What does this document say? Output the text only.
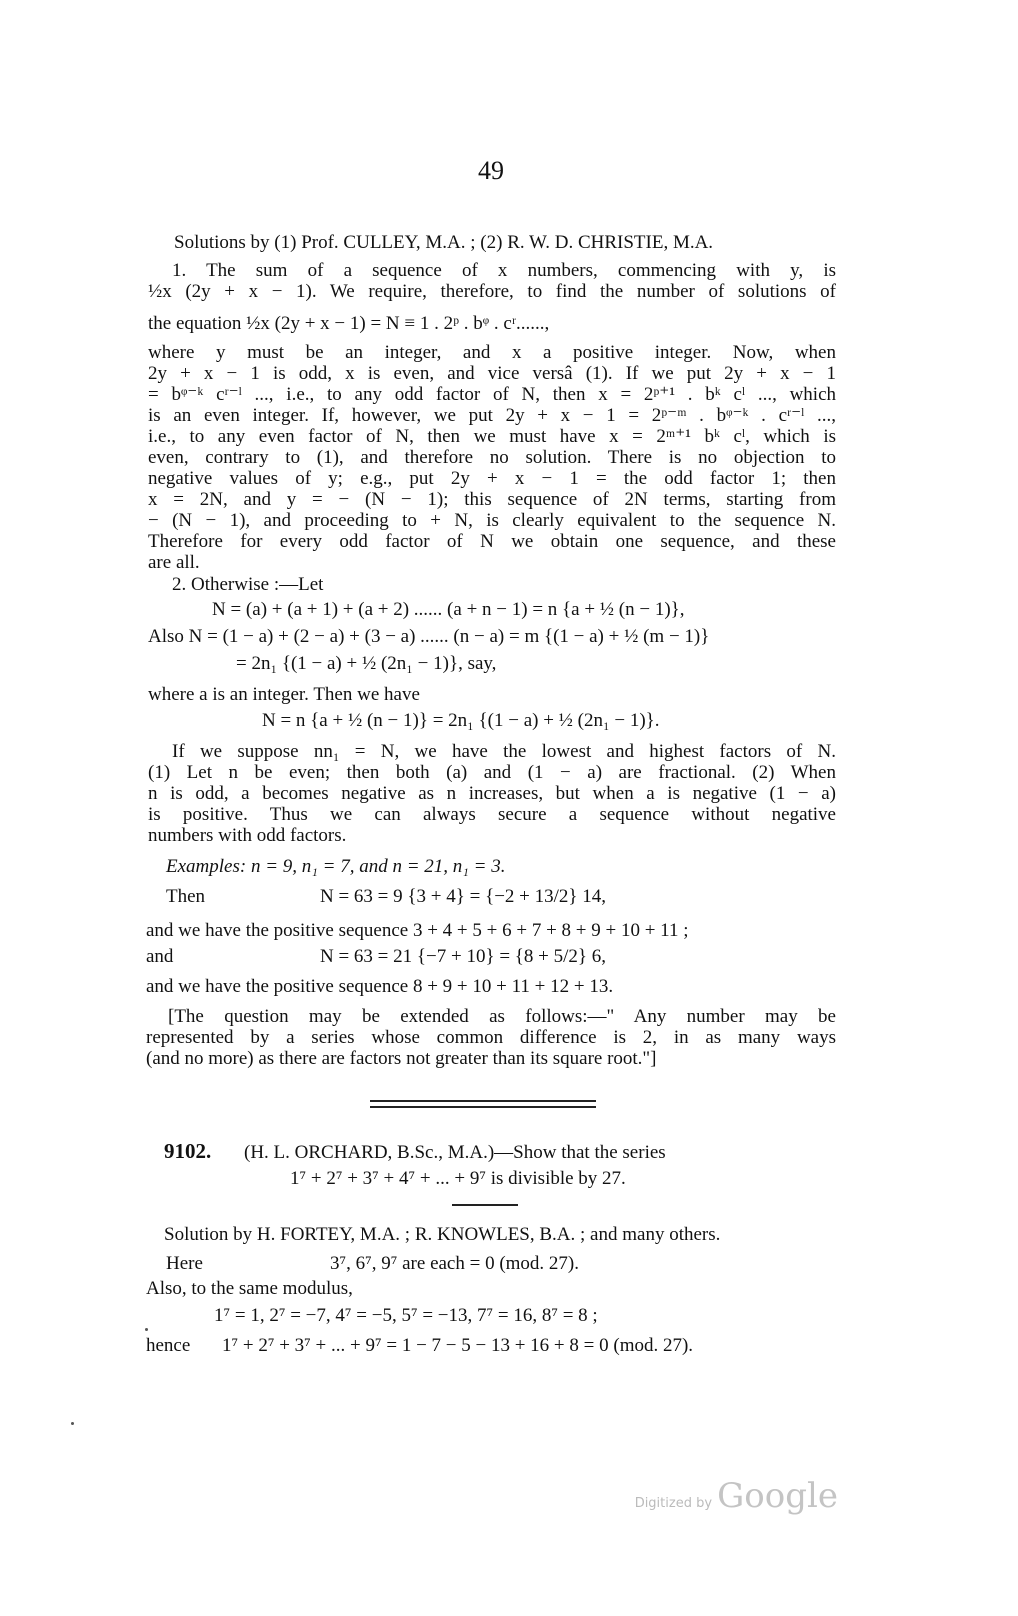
49
Solutions by (1) Prof. CULLEY, M.A. ; (2) R. W. D. CHRISTIE, M.A.
1. The sum of a sequence of x numbers, commencing with y, is
½x (2y + x − 1). We require, therefore, to find the number of solutions of
the equation ½x (2y + x − 1) = N ≡ 1 . 2ᵖ . bᵠ . cʳ......,
where y must be an integer, and x a positive integer. Now, when
2y + x − 1 is odd, x is even, and vice versâ (1). If we put 2y + x − 1
= bᵠ⁻ᵏ cʳ⁻ˡ ..., i.e., to any odd factor of N, then x = 2ᵖ⁺¹ . bᵏ cˡ ..., which
is an even integer. If, however, we put 2y + x − 1 = 2ᵖ⁻ᵐ . bᵠ⁻ᵏ . cʳ⁻ˡ ...,
i.e., to any even factor of N, then we must have x = 2ᵐ⁺¹ bᵏ cˡ, which is
even, contrary to (1), and therefore no solution. There is no objection to
negative values of y; e.g., put 2y + x − 1 = the odd factor 1; then
x = 2N, and y = − (N − 1); this sequence of 2N terms, starting from
− (N − 1), and proceeding to + N, is clearly equivalent to the sequence N.
Therefore for every odd factor of N we obtain one sequence, and these
are all.
2. Otherwise :—Let
N = (a) + (a + 1) + (a + 2) ...... (a + n − 1) = n {a + ½ (n − 1)},
Also N = (1 − a) + (2 − a) + (3 − a) ...... (n − a) = m {(1 − a) + ½ (m − 1)}
= 2n₁ {(1 − a) + ½ (2n₁ − 1)}, say,
where a is an integer. Then we have
N = n {a + ½ (n − 1)} = 2n₁ {(1 − a) + ½ (2n₁ − 1)}.
If we suppose nn₁ = N, we have the lowest and highest factors of N.
(1) Let n be even; then both (a) and (1 − a) are fractional. (2) When
n is odd, a becomes negative as n increases, but when a is negative (1 − a)
is positive. Thus we can always secure a sequence without negative
numbers with odd factors.
Examples: n = 9, n₁ = 7, and n = 21, n₁ = 3.
Then	N = 63 = 9 {3 + 4} = {−2 + 13/2} 14,
and we have the positive sequence 3 + 4 + 5 + 6 + 7 + 8 + 9 + 10 + 11 ;
and	N = 63 = 21 {−7 + 10} = {8 + 5/2} 6,
and we have the positive sequence 8 + 9 + 10 + 11 + 12 + 13.
[The question may be extended as follows:—" Any number may be
represented by a series whose common difference is 2, in as many ways
(and no more) as there are factors not greater than its square root."]
9102. (H. L. ORCHARD, B.Sc., M.A.)—Show that the series
1⁷ + 2⁷ + 3⁷ + 4⁷ + ... + 9⁷ is divisible by 27.
Solution by H. FORTEY, M.A. ; R. KNOWLES, B.A. ; and many others.
Here	3⁷, 6⁷, 9⁷ are each = 0 (mod. 27).
Also, to the same modulus,
1⁷ = 1, 2⁷ = −7, 4⁷ = −5, 5⁷ = −13, 7⁷ = 16, 8⁷ = 8 ;
hence 1⁷ + 2⁷ + 3⁷ + ... + 9⁷ = 1 − 7 − 5 − 13 + 16 + 8 = 0 (mod. 27).
Digitized by Google
